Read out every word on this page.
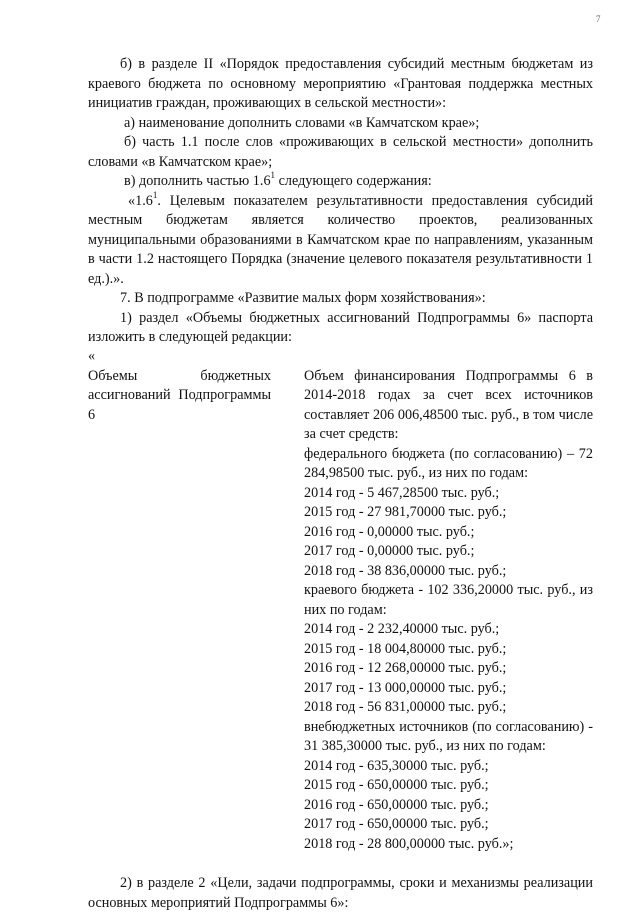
7

б) в разделе II «Порядок предоставления субсидий местным бюджетам из краевого бюджета по основному мероприятию «Грантовая поддержка местных инициатив граждан, проживающих в сельской местности»:

а) наименование дополнить словами «в Камчатском крае»;

б) часть 1.1 после слов «проживающих в сельской местности» дополнить словами «в Камчатском крае»;

в) дополнить частью $1.6^1$ следующего содержания:

«$1.6^1$. Целевым показателем результативности предоставления субсидий местным бюджетам является количество проектов, реализованных муниципальными образованиями в Камчатском крае по направлениям, указанным в части 1.2 настоящего Порядка (значение целевого показателя результативности 1 ед.).».

7. В подпрограмме «Развитие малых форм хозяйствования»:

1) раздел «Объемы бюджетных ассигнований Подпрограммы 6» паспорта изложить в следующей редакции:

«

Объемы бюджетных ассигнований Подпрограммы 6
Объем финансирования Подпрограммы 6 в 2014-2018 годах за счет всех источников составляет 206 006,48500 тыс. руб., в том числе за счет средств:
федерального бюджета (по согласованию) – 72 284,98500 тыс. руб., из них по годам:
2014 год - 5 467,28500 тыс. руб.;
2015 год - 27 981,70000 тыс. руб.;
2016 год - 0,00000 тыс. руб.;
2017 год - 0,00000 тыс. руб.;
2018 год - 38 836,00000 тыс. руб.;
краевого бюджета - 102 336,20000 тыс. руб., из них по годам:
2014 год - 2 232,40000 тыс. руб.;
2015 год - 18 004,80000 тыс. руб.;
2016 год - 12 268,00000 тыс. руб.;
2017 год - 13 000,00000 тыс. руб.;
2018 год - 56 831,00000 тыс. руб.;
внебюджетных источников (по согласованию) - 31 385,30000 тыс. руб., из них по годам:
2014 год - 635,30000 тыс. руб.;
2015 год - 650,00000 тыс. руб.;
2016 год - 650,00000 тыс. руб.;
2017 год - 650,00000 тыс. руб.;
2018 год - 28 800,00000 тыс. руб.»;

2) в разделе 2 «Цели, задачи подпрограммы, сроки и механизмы реализации основных мероприятий Подпрограммы 6»:
